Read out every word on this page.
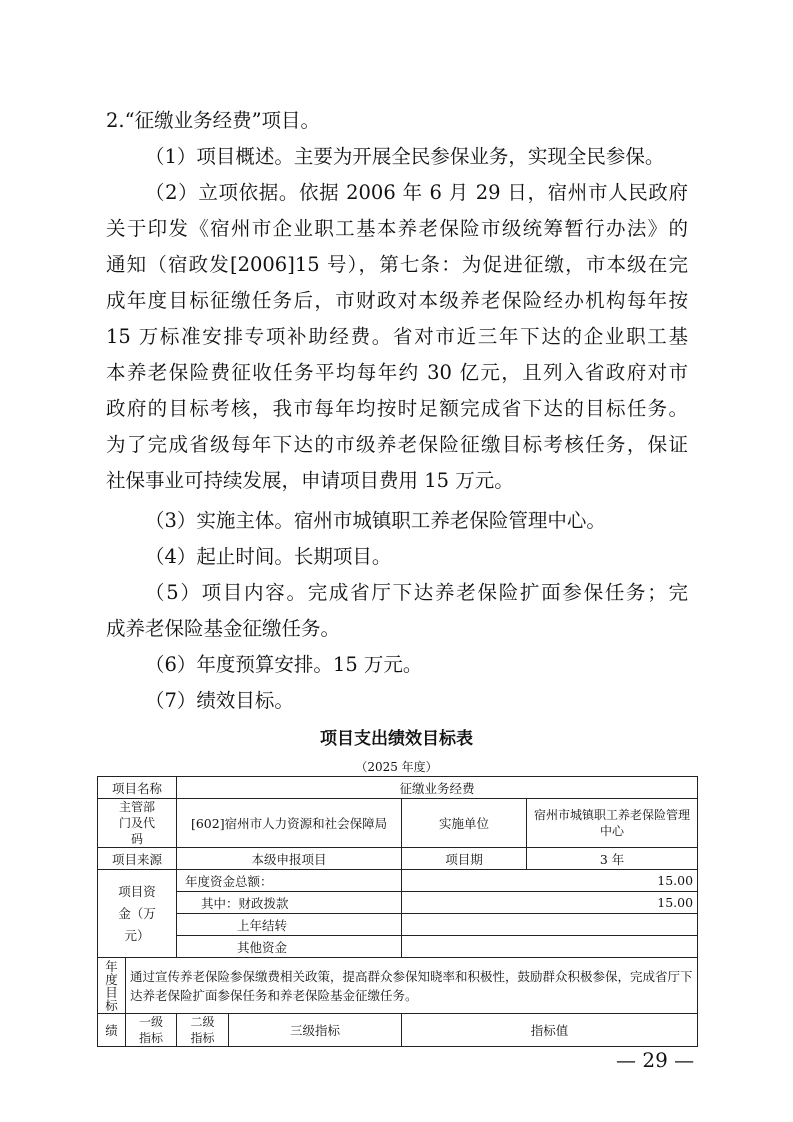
2.“征缴业务经费”项目。

（1）项目概述。主要为开展全民参保业务，实现全民参保。

（2）立项依据。依据 2006 年 6 月 29 日，宿州市人民政府
关于印发《宿州市企业职工基本养老保险市级统筹暂行办法》的
通知（宿政发[2006]15 号），第七条：为促进征缴，市本级在完
成年度目标征缴任务后，市财政对本级养老保险经办机构每年按
15 万标准安排专项补助经费。省对市近三年下达的企业职工基
本养老保险费征收任务平均每年约 30 亿元，且列入省政府对市
政府的目标考核，我市每年均按时足额完成省下达的目标任务。
为了完成省级每年下达的市级养老保险征缴目标考核任务，保证
社保事业可持续发展，申请项目费用 15 万元。

（3）实施主体。宿州市城镇职工养老保险管理中心。

（4）起止时间。长期项目。

（5）项目内容。完成省厅下达养老保险扩面参保任务；完
成养老保险基金征缴任务。

（6）年度预算安排。15 万元。

（7）绩效目标。

项目支出绩效目标表
（2025 年度）
项目名称		征缴业务经费			
主管部门及代码		[602]宿州市人力资源和社会保障局		实施单位	宿州市城镇职工养老保险管理中心
项目来源		本级申报项目		项目期	3 年
项目资金（万元）		年度资金总额：		15.00	
		其中：财政拨款		15.00	
		上年结转			
		其他资金			

年度目标	通过宣传养老保险参保缴费相关政策，提高群众参保知晓率和积极性，鼓励群众积极参保，完成省厅下达养老保险扩面参保任务和养老保险基金征缴任务。				
绩	一级指标	二级指标	三级指标	指标值	
— 29 —
